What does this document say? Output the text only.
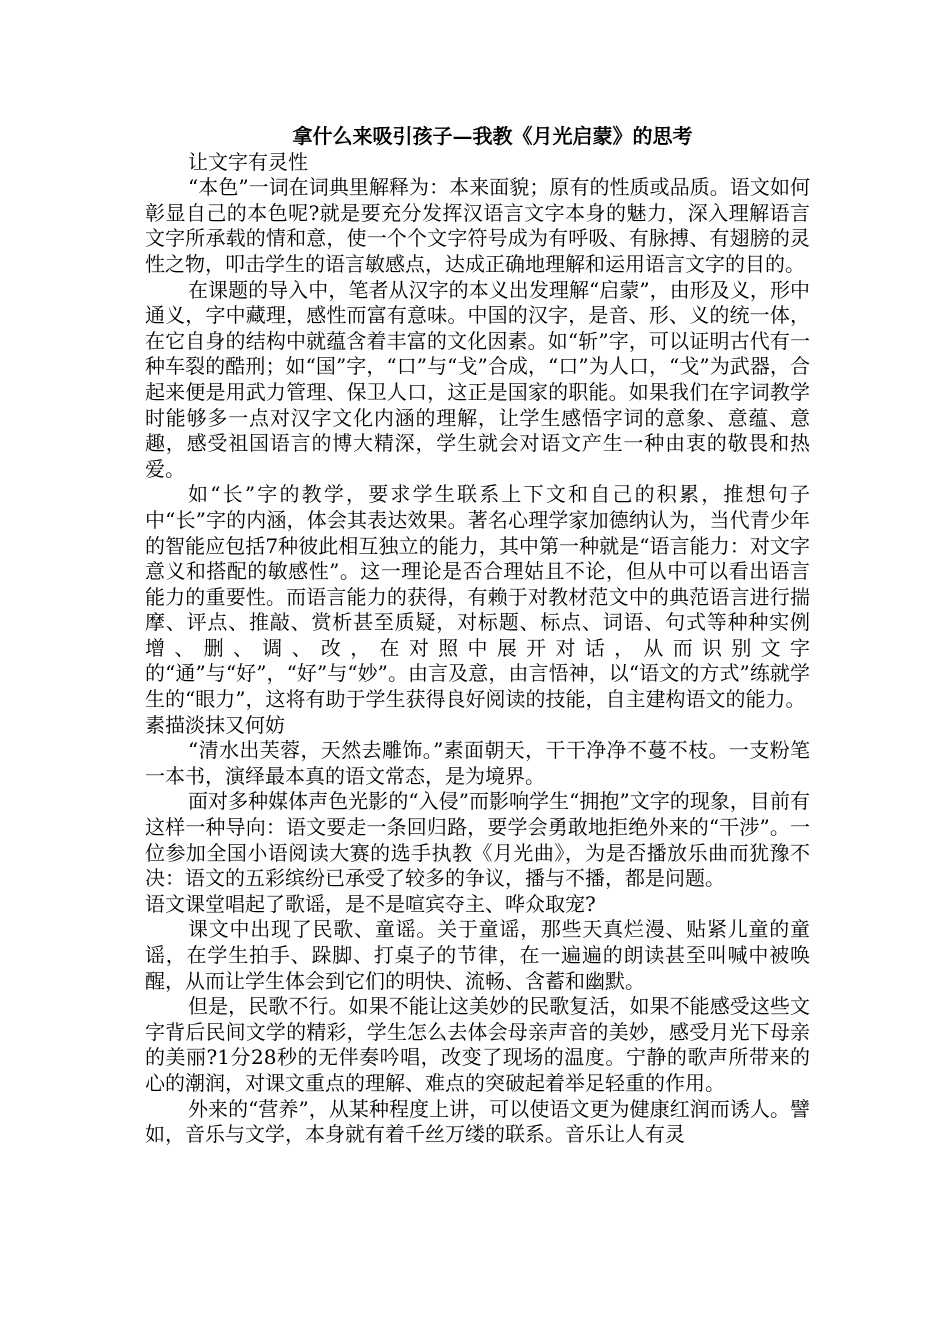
拿什么来吸引孩子—我教《月光启蒙》的思考

让文字有灵性

“本色”一词在词典里解释为：本来面貌；原有的性质或品质。语文如何彰显自己的本色呢?就是要充分发挥汉语言文字本身的魅力，深入理解语言文字所承载的情和意，使一个个文字符号成为有呼吸、有脉搏、有翅膀的灵性之物，叩击学生的语言敏感点，达成正确地理解和运用语言文字的目的。

在课题的导入中，笔者从汉字的本义出发理解“启蒙”，由形及义，形中通义，字中藏理，感性而富有意味。中国的汉字，是音、形、义的统一体，在它自身的结构中就蕴含着丰富的文化因素。如“斩”字，可以证明古代有一种车裂的酷刑；如“国”字，“口”与“戈”合成，“口”为人口，“戈”为武器，合起来便是用武力管理、保卫人口，这正是国家的职能。如果我们在字词教学时能够多一点对汉字文化内涵的理解，让学生感悟字词的意象、意蕴、意趣，感受祖国语言的博大精深，学生就会对语文产生一种由衷的敬畏和热爱。

如“长”字的教学，要求学生联系上下文和自己的积累，推想句子中“长”字的内涵，体会其表达效果。著名心理学家加德纳认为，当代青少年的智能应包括7种彼此相互独立的能力，其中第一种就是“语言能力：对文字意义和搭配的敏感性”。这一理论是否合理姑且不论，但从中可以看出语言能力的重要性。而语言能力的获得，有赖于对教材范文中的典范语言进行揣摩、评点、推敲、赏析甚至质疑，对标题、标点、词语、句式等种种实例增、删、调、改，在对照中展开对话，从而识别文字的“通”与“好”，“好”与“妙”。由言及意，由言悟神，以“语文的方式”练就学生的“眼力”，这将有助于学生获得良好阅读的技能，自主建构语文的能力。

素描淡抹又何妨

“清水出芙蓉，天然去雕饰。”素面朝天，干干净净不蔓不枝。一支粉笔一本书，演绎最本真的语文常态，是为境界。

面对多种媒体声色光影的“入侵”而影响学生“拥抱”文字的现象，目前有这样一种导向：语文要走一条回归路，要学会勇敢地拒绝外来的“干涉”。一位参加全国小语阅读大赛的选手执教《月光曲》，为是否播放乐曲而犹豫不决：语文的五彩缤纷已承受了较多的争议，播与不播，都是问题。

语文课堂唱起了歌谣，是不是喧宾夺主、哗众取宠?

课文中出现了民歌、童谣。关于童谣，那些天真烂漫、贴紧儿童的童谣，在学生拍手、跺脚、打桌子的节律，在一遍遍的朗读甚至叫喊中被唤醒，从而让学生体会到它们的明快、流畅、含蓄和幽默。

但是，民歌不行。如果不能让这美妙的民歌复活，如果不能感受这些文字背后民间文学的精彩，学生怎么去体会母亲声音的美妙，感受月光下母亲的美丽?1分28秒的无伴奏吟唱，改变了现场的温度。宁静的歌声所带来的心的潮润，对课文重点的理解、难点的突破起着举足轻重的作用。

外来的“营养”，从某种程度上讲，可以使语文更为健康红润而诱人。譬如，音乐与文学，本身就有着千丝万缕的联系。音乐让人有灵
